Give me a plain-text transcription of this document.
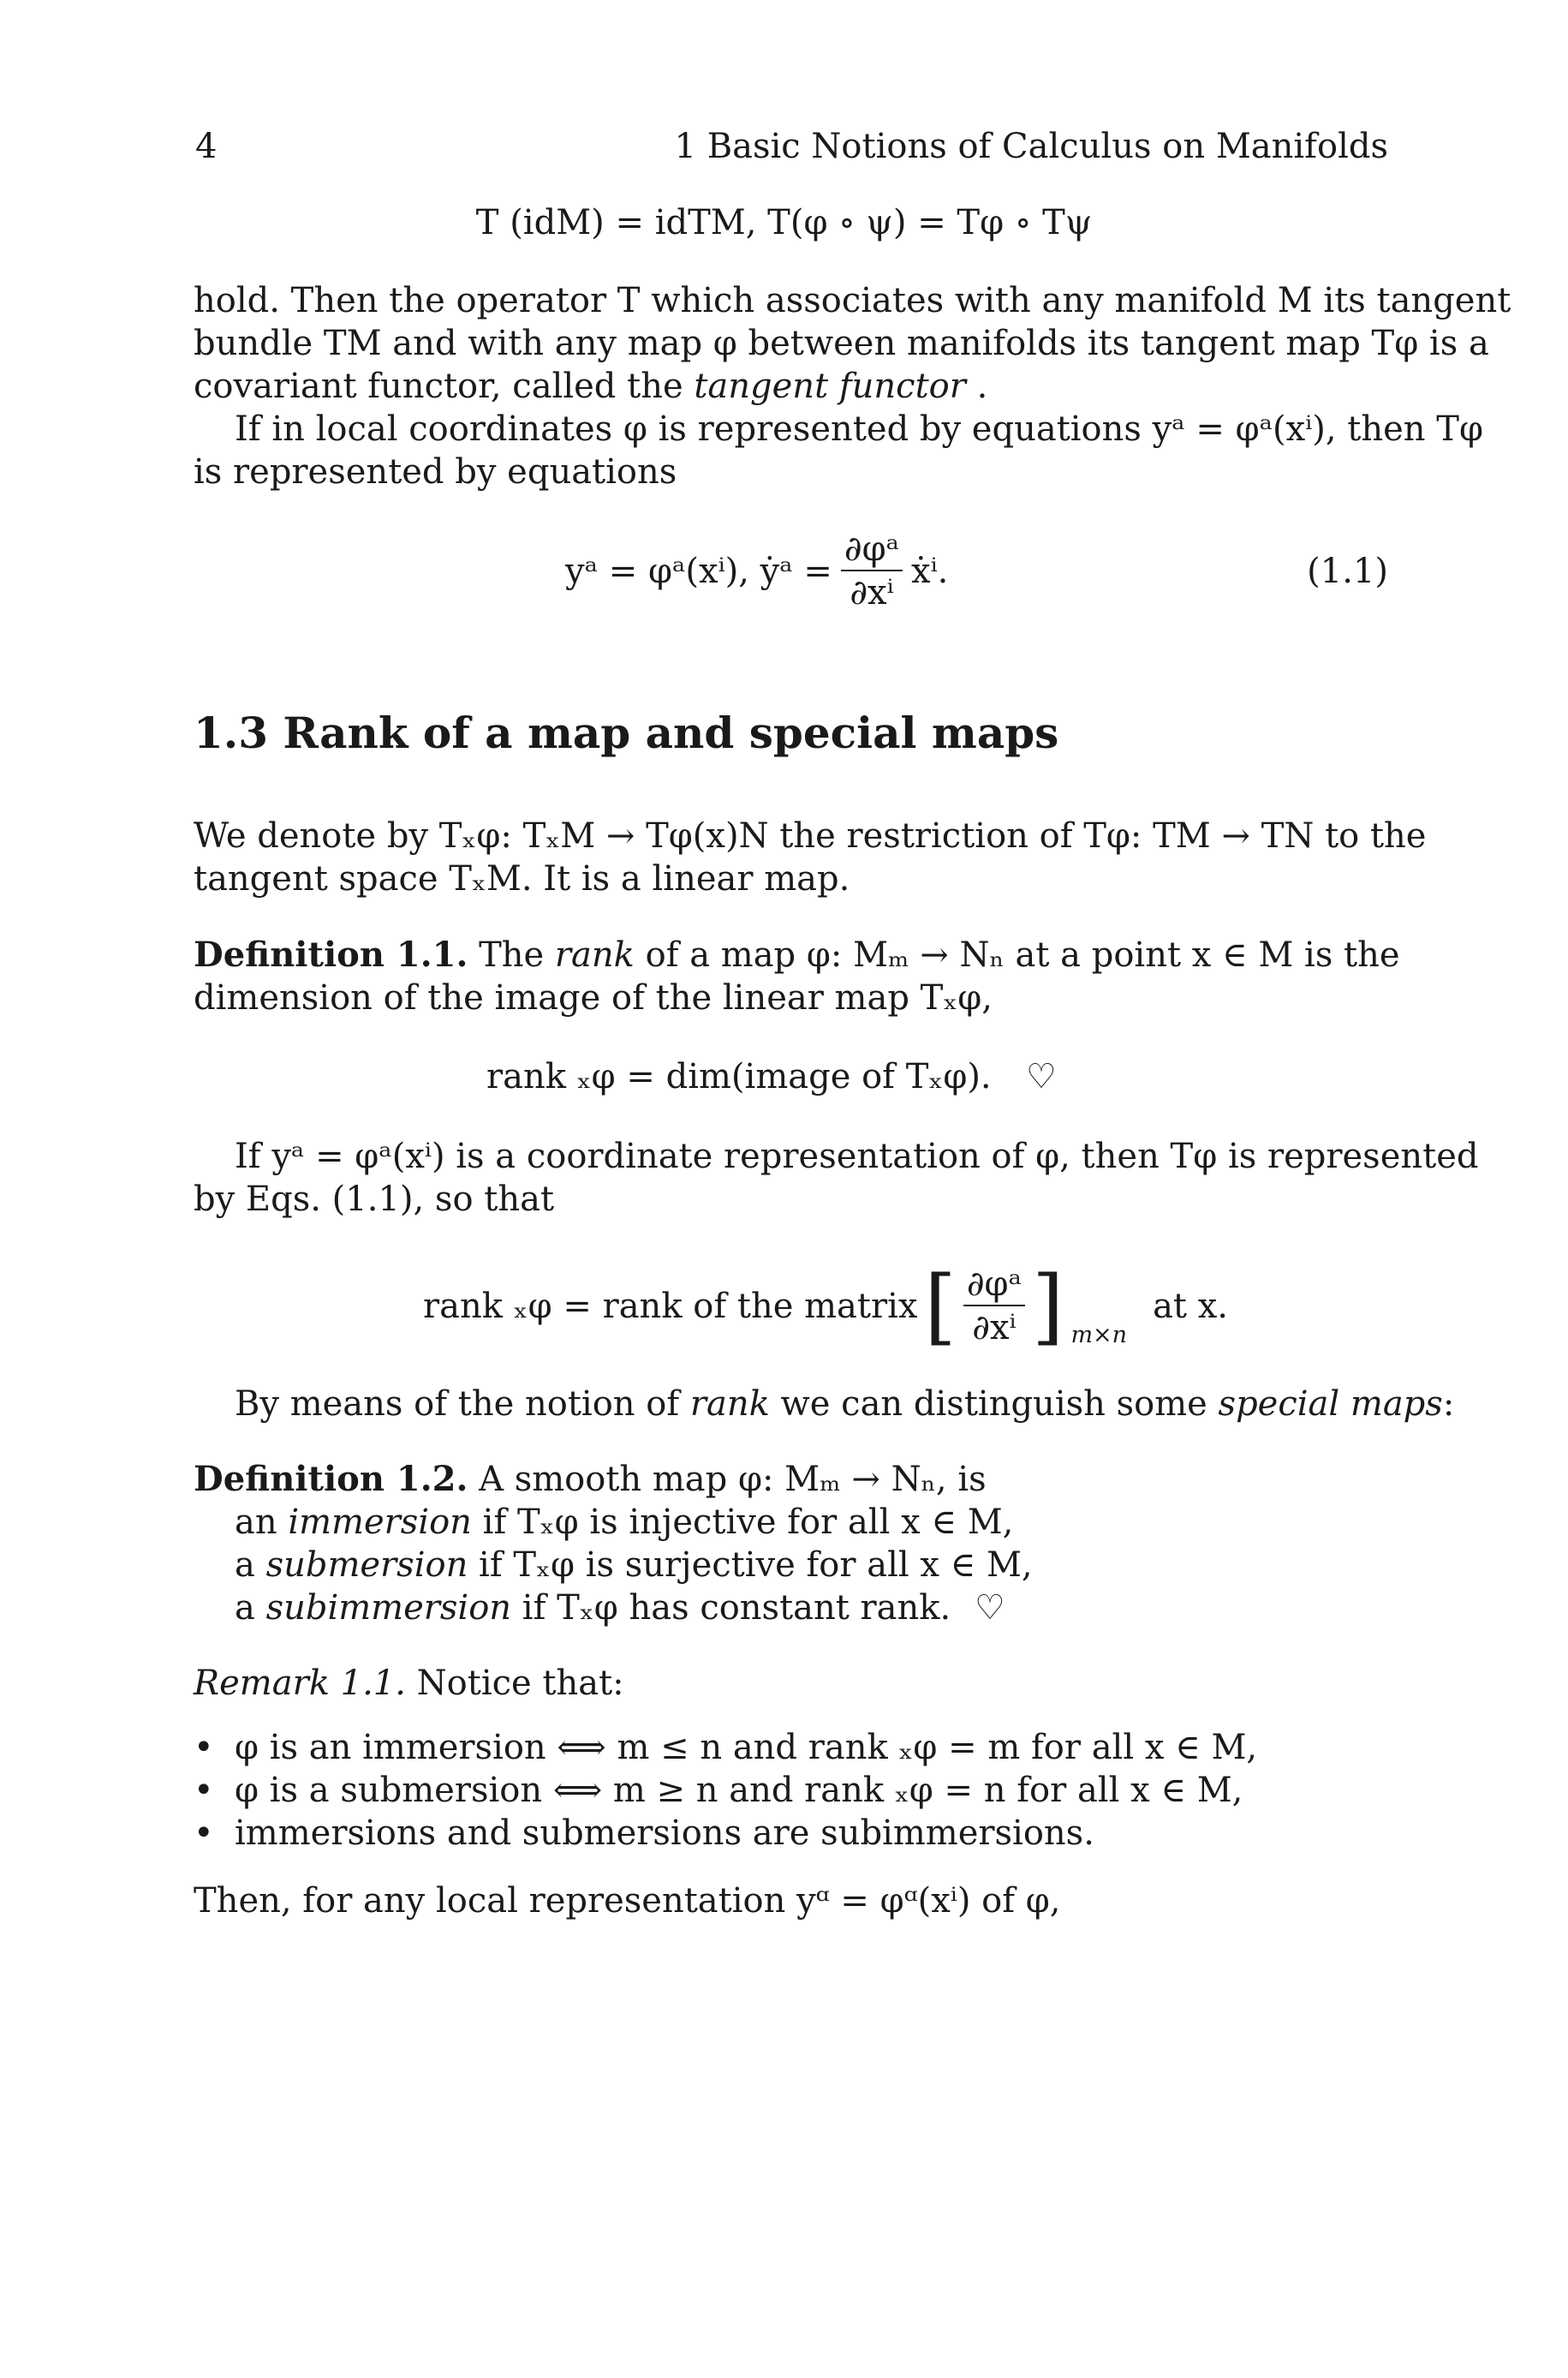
4	1 Basic Notions of Calculus on Manifolds
T (idM) = idTM, T(φ ∘ ψ) = Tφ ∘ Tψ
hold. Then the operator T which associates with any manifold M its tangent
bundle TM and with any map φ between manifolds its tangent map Tφ is a
covariant functor, called the tangent functor .
If in local coordinates φ is represented by equations yᵃ = φᵃ(xⁱ), then Tφ
is represented by equations
yᵃ = φᵃ(xⁱ), ẏᵃ = $\frac{\text{∂φᵃ}}{\text{∂xⁱ}}$ ẋⁱ.	(1.1)
1.3 Rank of a map and special maps
We denote by Tₓφ: TₓM → Tφ(x)N the restriction of Tφ: TM → TN to the
tangent space TₓM. It is a linear map.
Definition 1.1. The rank of a map φ: Mₘ → Nₙ at a point x ∈ M is the
dimension of the image of the linear map Tₓφ,
rank ₓφ = dim(image of Tₓφ). ♡
If yᵃ = φᵃ(xⁱ) is a coordinate representation of φ, then Tφ is represented
by Eqs. (1.1), so that
rank ₓφ = rank of the matrix [ $\frac{\text{∂φᵃ}}{\text{∂xⁱ}}$ ] m×n
at x.
By means of the notion of rank we can distinguish some special maps:
Definition 1.2. A smooth map φ: Mₘ → Nₙ, is
an immersion if Tₓφ is injective for all x ∈ M,
a submersion if Tₓφ is surjective for all x ∈ M,
a subimmersion if Tₓφ has constant rank. ♡
Remark 1.1. Notice that:
• φ is an immersion ⟺ m ≤ n and rank ₓφ = m for all x ∈ M,
• φ is a submersion ⟺ m ≥ n and rank ₓφ = n for all x ∈ M,
• immersions and submersions are subimmersions.
Then, for any local representation yᵅ = φᵅ(xⁱ) of φ,
